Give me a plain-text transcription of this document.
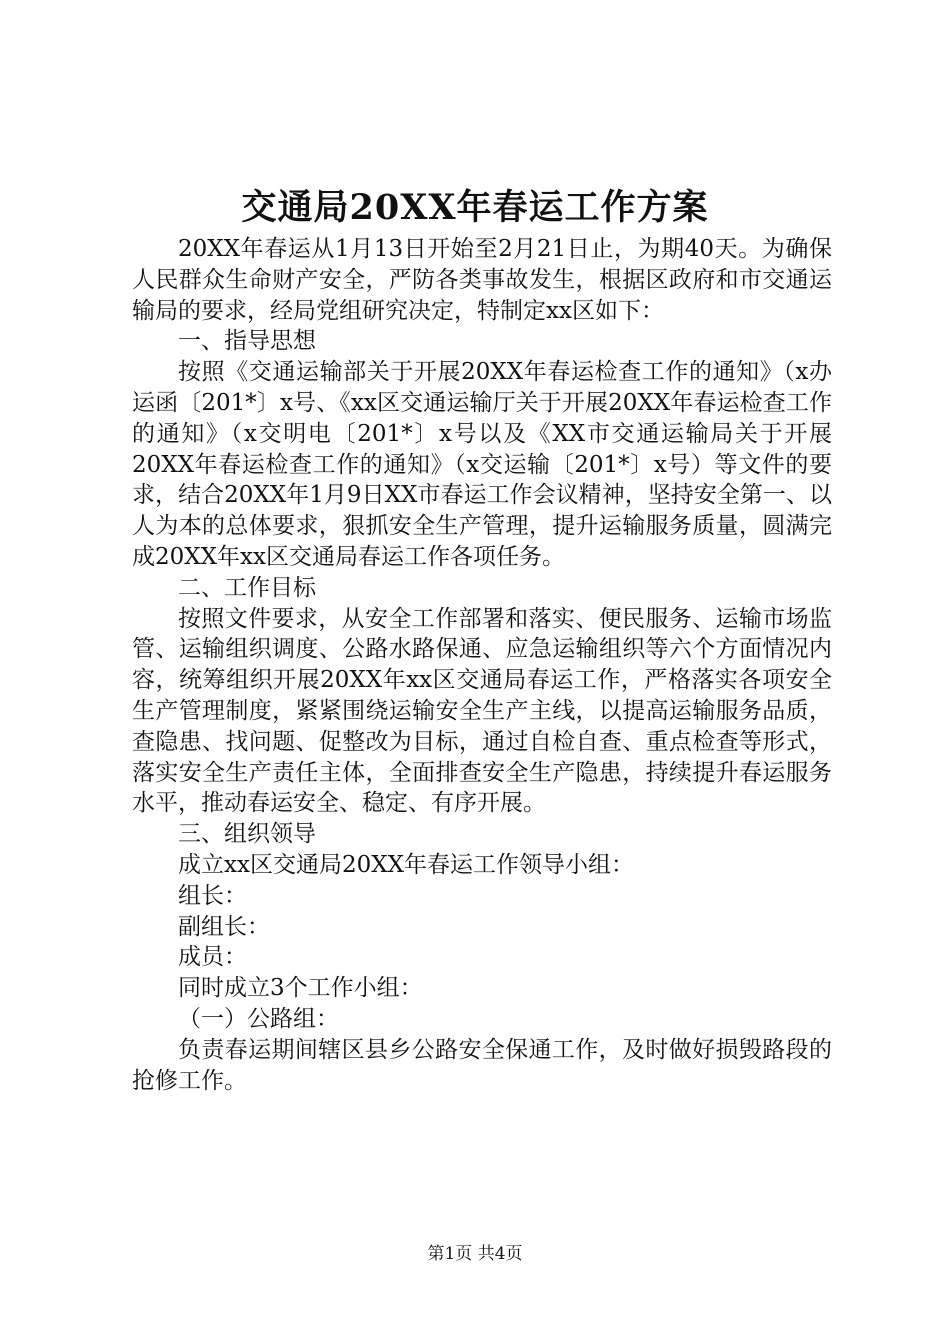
交通局20XX年春运工作方案

20XX年春运从1月13日开始至2月21日止，为期40天。为确保人民群众生命财产安全，严防各类事故发生，根据区政府和市交通运输局的要求，经局党组研究决定，特制定xx区如下：

一、指导思想

按照《交通运输部关于开展20XX年春运检查工作的通知》（x办运函〔201*〕x号、《xx区交通运输厅关于开展20XX年春运检查工作的通知》（x交明电〔201*〕x号以及《XX市交通运输局关于开展20XX年春运检查工作的通知》（x交运输〔201*〕x号）等文件的要求，结合20XX年1月9日XX市春运工作会议精神，坚持安全第一、以人为本的总体要求，狠抓安全生产管理，提升运输服务质量，圆满完成20XX年xx区交通局春运工作各项任务。

二、工作目标

按照文件要求，从安全工作部署和落实、便民服务、运输市场监管、运输组织调度、公路水路保通、应急运输组织等六个方面情况内容，统筹组织开展20XX年xx区交通局春运工作，严格落实各项安全生产管理制度，紧紧围绕运输安全生产主线，以提高运输服务品质，查隐患、找问题、促整改为目标，通过自检自查、重点检查等形式，落实安全生产责任主体，全面排查安全生产隐患，持续提升春运服务水平，推动春运安全、稳定、有序开展。

三、组织领导

成立xx区交通局20XX年春运工作领导小组：

组长：

副组长：

成员：

同时成立3个工作小组：

（一）公路组：

负责春运期间辖区县乡公路安全保通工作，及时做好损毁路段的抢修工作。

第1页 共4页
